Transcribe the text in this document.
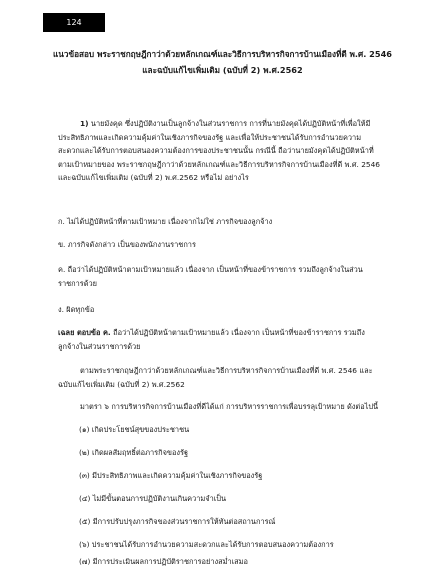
124
แนวข้อสอบ พระราชกฤษฎีกาว่าด้วยหลักเกณฑ์และวิธีการบริหารกิจการบ้านเมืองที่ดี พ.ศ. 2546
และฉบับแก้ไขเพิ่มเติม (ฉบับที่ 2) พ.ศ.2562
1) นายมังคุด ซึ่งปฏิบัติงานเป็นลูกจ้างในส่วนราชการ การที่นายมังคุดได้ปฏิบัติหน้าที่เพื่อให้มีประสิทธิภาพและเกิดความคุ้มค่าในเชิงภารกิจของรัฐ และเพื่อให้ประชาชนได้รับการอำนวยความสะดวกและได้รับการตอบสนองความต้องการของประชาชนนั้น กรณีนี้ ถือว่านายมังคุดได้ปฏิบัติหน้าที่ตามเป้าหมายของ พระราชกฤษฎีกาว่าด้วยหลักเกณฑ์และวิธีการบริหารกิจการบ้านเมืองที่ดี พ.ศ. 2546 และฉบับแก้ไขเพิ่มเติม (ฉบับที่ 2) พ.ศ.2562 หรือไม่ อย่างไร
ก. ไม่ได้ปฏิบัติหน้าที่ตามเป้าหมาย เนื่องจากไม่ใช่ ภารกิจของลูกจ้าง
ข. ภารกิจดังกล่าว เป็นของพนักงานราชการ
ค. ถือว่าได้ปฏิบัติหน้าตามเป้าหมายแล้ว เนื่องจาก เป็นหน้าที่ของข้าราชการ รวมถึงลูกจ้างในส่วนราชการด้วย
ง. ผิดทุกข้อ
เฉลย ตอบข้อ ค. ถือว่าได้ปฏิบัติหน้าตามเป้าหมายแล้ว เนื่องจาก เป็นหน้าที่ของข้าราชการ รวมถึงลูกจ้างในส่วนราชการด้วย
ตามพระราชกฤษฎีกาว่าด้วยหลักเกณฑ์และวิธีการบริหารกิจการบ้านเมืองที่ดี พ.ศ. 2546 และฉบับแก้ไขเพิ่มเติม (ฉบับที่ 2) พ.ศ.2562
มาตรา ๖ การบริหารกิจการบ้านเมืองที่ดีได้แก่ การบริหารราชการเพื่อบรรลุเป้าหมาย ดังต่อไปนี้
(๑) เกิดประโยชน์สุขของประชาชน
(๒) เกิดผลสัมฤทธิ์ต่อภารกิจของรัฐ
(๓) มีประสิทธิภาพและเกิดความคุ้มค่าในเชิงภารกิจของรัฐ
(๔) ไม่มีขั้นตอนการปฏิบัติงานเกินความจำเป็น
(๕) มีการปรับปรุงภารกิจของส่วนราชการให้ทันต่อสถานการณ์
(๖) ประชาชนได้รับการอำนวยความสะดวกและได้รับการตอบสนองความต้องการ
(๗) มีการประเมินผลการปฏิบัติราชการอย่างสม่ำเสมอ
